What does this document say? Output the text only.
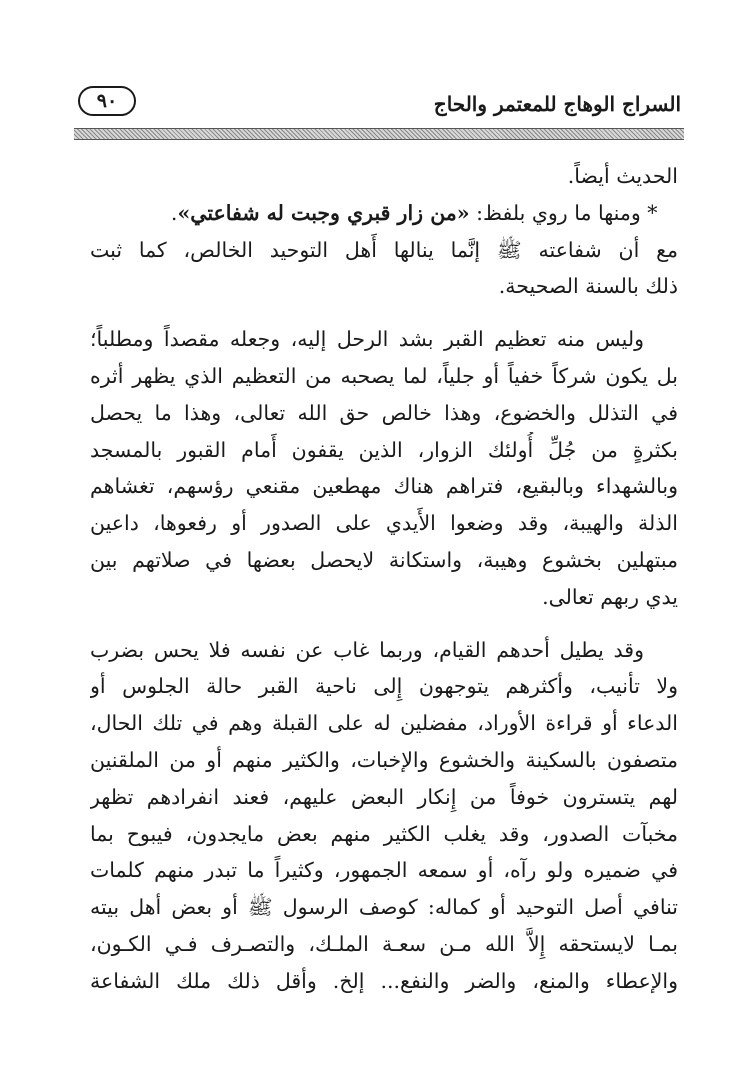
السراج الوهاج للمعتمر والحاج
٩٠
الحديث أيضاً.
 * ومنها ما روي بلفظ: «من زار قبري وجبت له شفاعتي».
مع أن شفاعته ﷺ إنَّما ينالها أَهل التوحيد الخالص، كما ثبت
ذلك بالسنة الصحيحة.
وليس منه تعظيم القبر بشد الرحل إليه، وجعله مقصداً ومطلباً؛
بل يكون شركاً خفياً أو جلياً، لما يصحبه من التعظيم الذي يظهر أثره
في التذلل والخضوع، وهذا خالص حق الله تعالى، وهذا ما يحصل
بكثرةٍ من جُلِّ أُولئك الزوار، الذين يقفون أَمام القبور بالمسجد
وبالشهداء وبالبقيع، فتراهم هناك مهطعين مقنعي رؤسهم، تغشاهم
الذلة والهيبة، وقد وضعوا الأَيدي على الصدور أو رفعوها، داعين
مبتهلين بخشوع وهيبة، واستكانة لايحصل بعضها في صلاتهم بين
يدي ربهم تعالى.
وقد يطيل أحدهم القيام، وربما غاب عن نفسه فلا يحس بضرب
ولا تأنيب، وأكثرهم يتوجهون إِلى ناحية القبر حالة الجلوس أو
الدعاء أو قراءة الأوراد، مفضلين له على القبلة وهم في تلك الحال،
متصفون بالسكينة والخشوع والإخبات، والكثير منهم أو من الملقنين
لهم يتسترون خوفاً من إِنكار البعض عليهم، فعند انفرادهم تظهر
مخبآت الصدور، وقد يغلب الكثير منهم بعض مايجدون، فيبوح بما
في ضميره ولو رآه، أو سمعه الجمهور، وكثيراً ما تبدر منهم كلمات
تنافي أصل التوحيد أو كماله: كوصف الرسول ﷺ أو بعض أهل بيته
بمـا لايستحقه إِلاَّ الله مـن سعـة الملـك، والتصـرف فـي الكـون،
والإعطاء والمنع، والضر والنفع... إلخ. وأقل ذلك ملك الشفاعة
